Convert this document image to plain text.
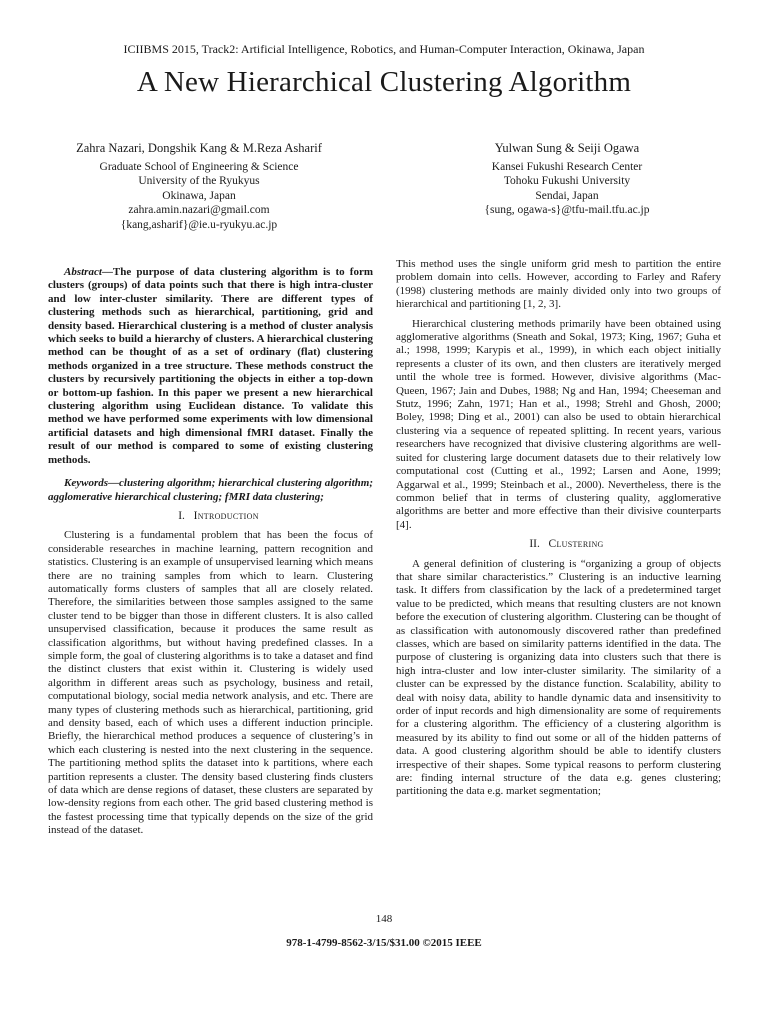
ICIIBMS 2015, Track2: Artificial Intelligence, Robotics, and Human-Computer Interaction, Okinawa, Japan
A New Hierarchical Clustering Algorithm
Zahra Nazari, Dongshik Kang & M.Reza Asharif
Graduate School of Engineering & Science
University of the Ryukyus
Okinawa, Japan
zahra.amin.nazari@gmail.com
{kang,asharif}@ie.u-ryukyu.ac.jp
Yulwan Sung & Seiji Ogawa
Kansei Fukushi Research Center
Tohoku Fukushi University
Sendai, Japan
{sung, ogawa-s}@tfu-mail.tfu.ac.jp

Abstract—The purpose of data clustering algorithm is to form clusters (groups) of data points such that there is high intra-cluster and low inter-cluster similarity. There are different types of clustering methods such as hierarchical, partitioning, grid and density based. Hierarchical clustering is a method of cluster analysis which seeks to build a hierarchy of clusters. A hierarchical clustering method can be thought of as a set of ordinary (flat) clustering methods organized in a tree structure. These methods construct the clusters by recursively partitioning the objects in either a top-down or bottom-up fashion. In this paper we present a new hierarchical clustering algorithm using Euclidean distance. To validate this method we have performed some experiments with low dimensional artificial datasets and high dimensional fMRI dataset. Finally the result of our method is compared to some of existing clustering methods.

Keywords—clustering algorithm; hierarchical clustering algorithm; agglomerative hierarchical clustering; fMRI data clustering;

I. Introduction

Clustering is a fundamental problem that has been the focus of considerable researches in machine learning, pattern recognition and statistics. Clustering is an example of unsupervised learning which means there are no training samples from which to learn. Clustering automatically forms clusters of samples that all are closely related. Therefore, the similarities between those samples assigned to the same cluster tend to be bigger than those in different clusters. It is also called unsupervised classification, because it produces the same result as classification algorithms, but without having predefined classes. In a simple form, the goal of clustering algorithms is to take a dataset and find the distinct clusters that exist within it. Clustering is widely used algorithm in different areas such as psychology, business and retail, computational biology, social media network analysis, and etc. There are many types of clustering methods such as hierarchical, partitioning, grid and density based, each of which uses a different induction principle. Briefly, the hierarchical method produces a sequence of clustering’s in which each clustering is nested into the next clustering in the sequence. The partitioning method splits the dataset into k partitions, where each partition represents a cluster. The density based clustering finds clusters of data which are dense regions of dataset, these clusters are separated by low-density regions from each other. The grid based clustering method is the fastest processing time that typically depends on the size of the grid instead of the dataset.

This method uses the single uniform grid mesh to partition the entire problem domain into cells. However, according to Farley and Rafery (1998) clustering methods are mainly divided only into two groups of hierarchical and partitioning [1, 2, 3].

Hierarchical clustering methods primarily have been obtained using agglomerative algorithms (Sneath and Sokal, 1973; King, 1967; Guha et al.; 1998, 1999; Karypis et al., 1999), in which each object initially represents a cluster of its own, and then clusters are iteratively merged until the whole tree is formed. However, divisive algorithms (Mac- Queen, 1967; Jain and Dubes, 1988; Ng and Han, 1994; Cheeseman and Stutz, 1996; Zahn, 1971; Han et al., 1998; Strehl and Ghosh, 2000; Boley, 1998; Ding et al., 2001) can also be used to obtain hierarchical clustering via a sequence of repeated splitting. In recent years, various researchers have recognized that divisive clustering algorithms are well-suited for clustering large document datasets due to their relatively low computational cost (Cutting et al., 1992; Larsen and Aone, 1999; Aggarwal et al., 1999; Steinbach et al., 2000). Nevertheless, there is the common belief that in terms of clustering quality, agglomerative algorithms are better and more effective than their divisive counterparts [4].

II. Clustering

A general definition of clustering is “organizing a group of objects that share similar characteristics.” Clustering is an inductive learning task. It differs from classification by the lack of a predetermined target value to be predicted, which means that resulting clusters are not known before the execution of clustering algorithm. Clustering can be thought of as classification with autonomously discovered rather than predefined classes, which are based on similarity patterns identified in the data. The purpose of clustering is organizing data into clusters such that there is high intra-cluster and low inter-cluster similarity. The similarity of a cluster can be expressed by the distance function. Scalability, ability to deal with noisy data, ability to handle dynamic data and insensitivity to order of input records and high dimensionality are some of requirements for a clustering algorithm. The efficiency of a clustering algorithm is measured by its ability to find out some or all of the hidden patterns of data. A good clustering algorithm should be able to identify clusters irrespective of their shapes. Some typical reasons to perform clustering are: finding internal structure of the data e.g. genes clustering; partitioning the data e.g. market segmentation;

148
978-1-4799-8562-3/15/$31.00 ©2015 IEEE
